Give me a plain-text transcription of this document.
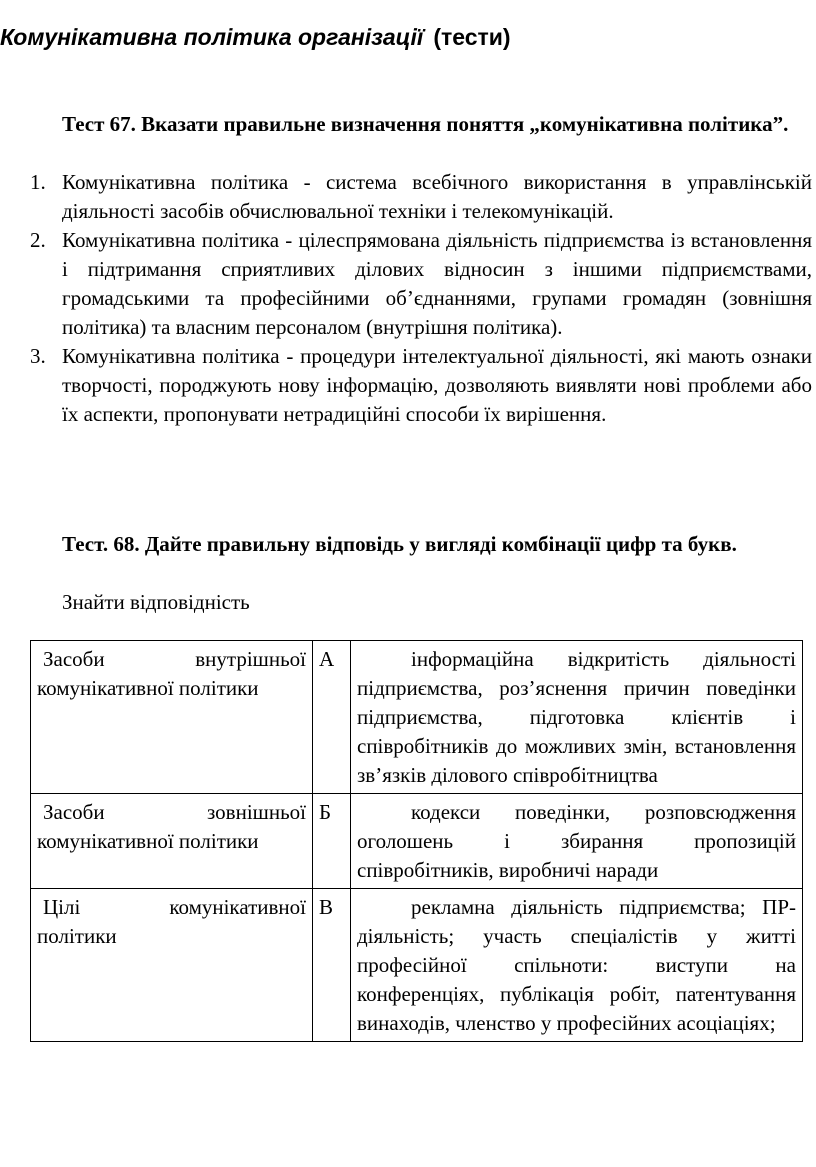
Комунікативна політика організації (тести)

Тест 67. Вказати правильне визначення поняття „комунікативна політика”.

1. Комунікативна політика - система всебічного використання в управлінській діяльності засобів обчислювальної техніки і телекомунікацій.
2. Комунікативна політика - цілеспрямована діяльність підприємства із встановлення і підтримання сприятливих ділових відносин з іншими підприємствами, громадськими та професійними об’єднаннями, групами громадян (зовнішня політика) та власним персоналом (внутрішня політика).
3. Комунікативна політика - процедури інтелектуальної діяльності, які мають ознаки творчості, породжують нову інформацію, дозволяють виявляти нові проблеми або їх аспекти, пропонувати нетрадиційні способи їх вирішення.

Тест. 68. Дайте правильну відповідь у вигляді комбінації цифр та букв.

Знайти відповідність

Засоби внутрішньої комунікативної політики	А	інформаційна відкритість діяльності підприємства, роз’яснення причин поведінки підприємства, підготовка клієнтів і співробітників до можливих змін, встановлення зв’язків ділового співробітництва
Засоби зовнішньої комунікативної політики	Б	кодекси поведінки, розповсюдження оголошень і збирання пропозицій співробітників, виробничі наради
Цілі комунікативної політики	В	рекламна діяльність підприємства; ПР-діяльність; участь спеціалістів у житті професійної спільноти: виступи на конференціях, публікація робіт, патентування винаходів, членство у професійних асоціаціях;
